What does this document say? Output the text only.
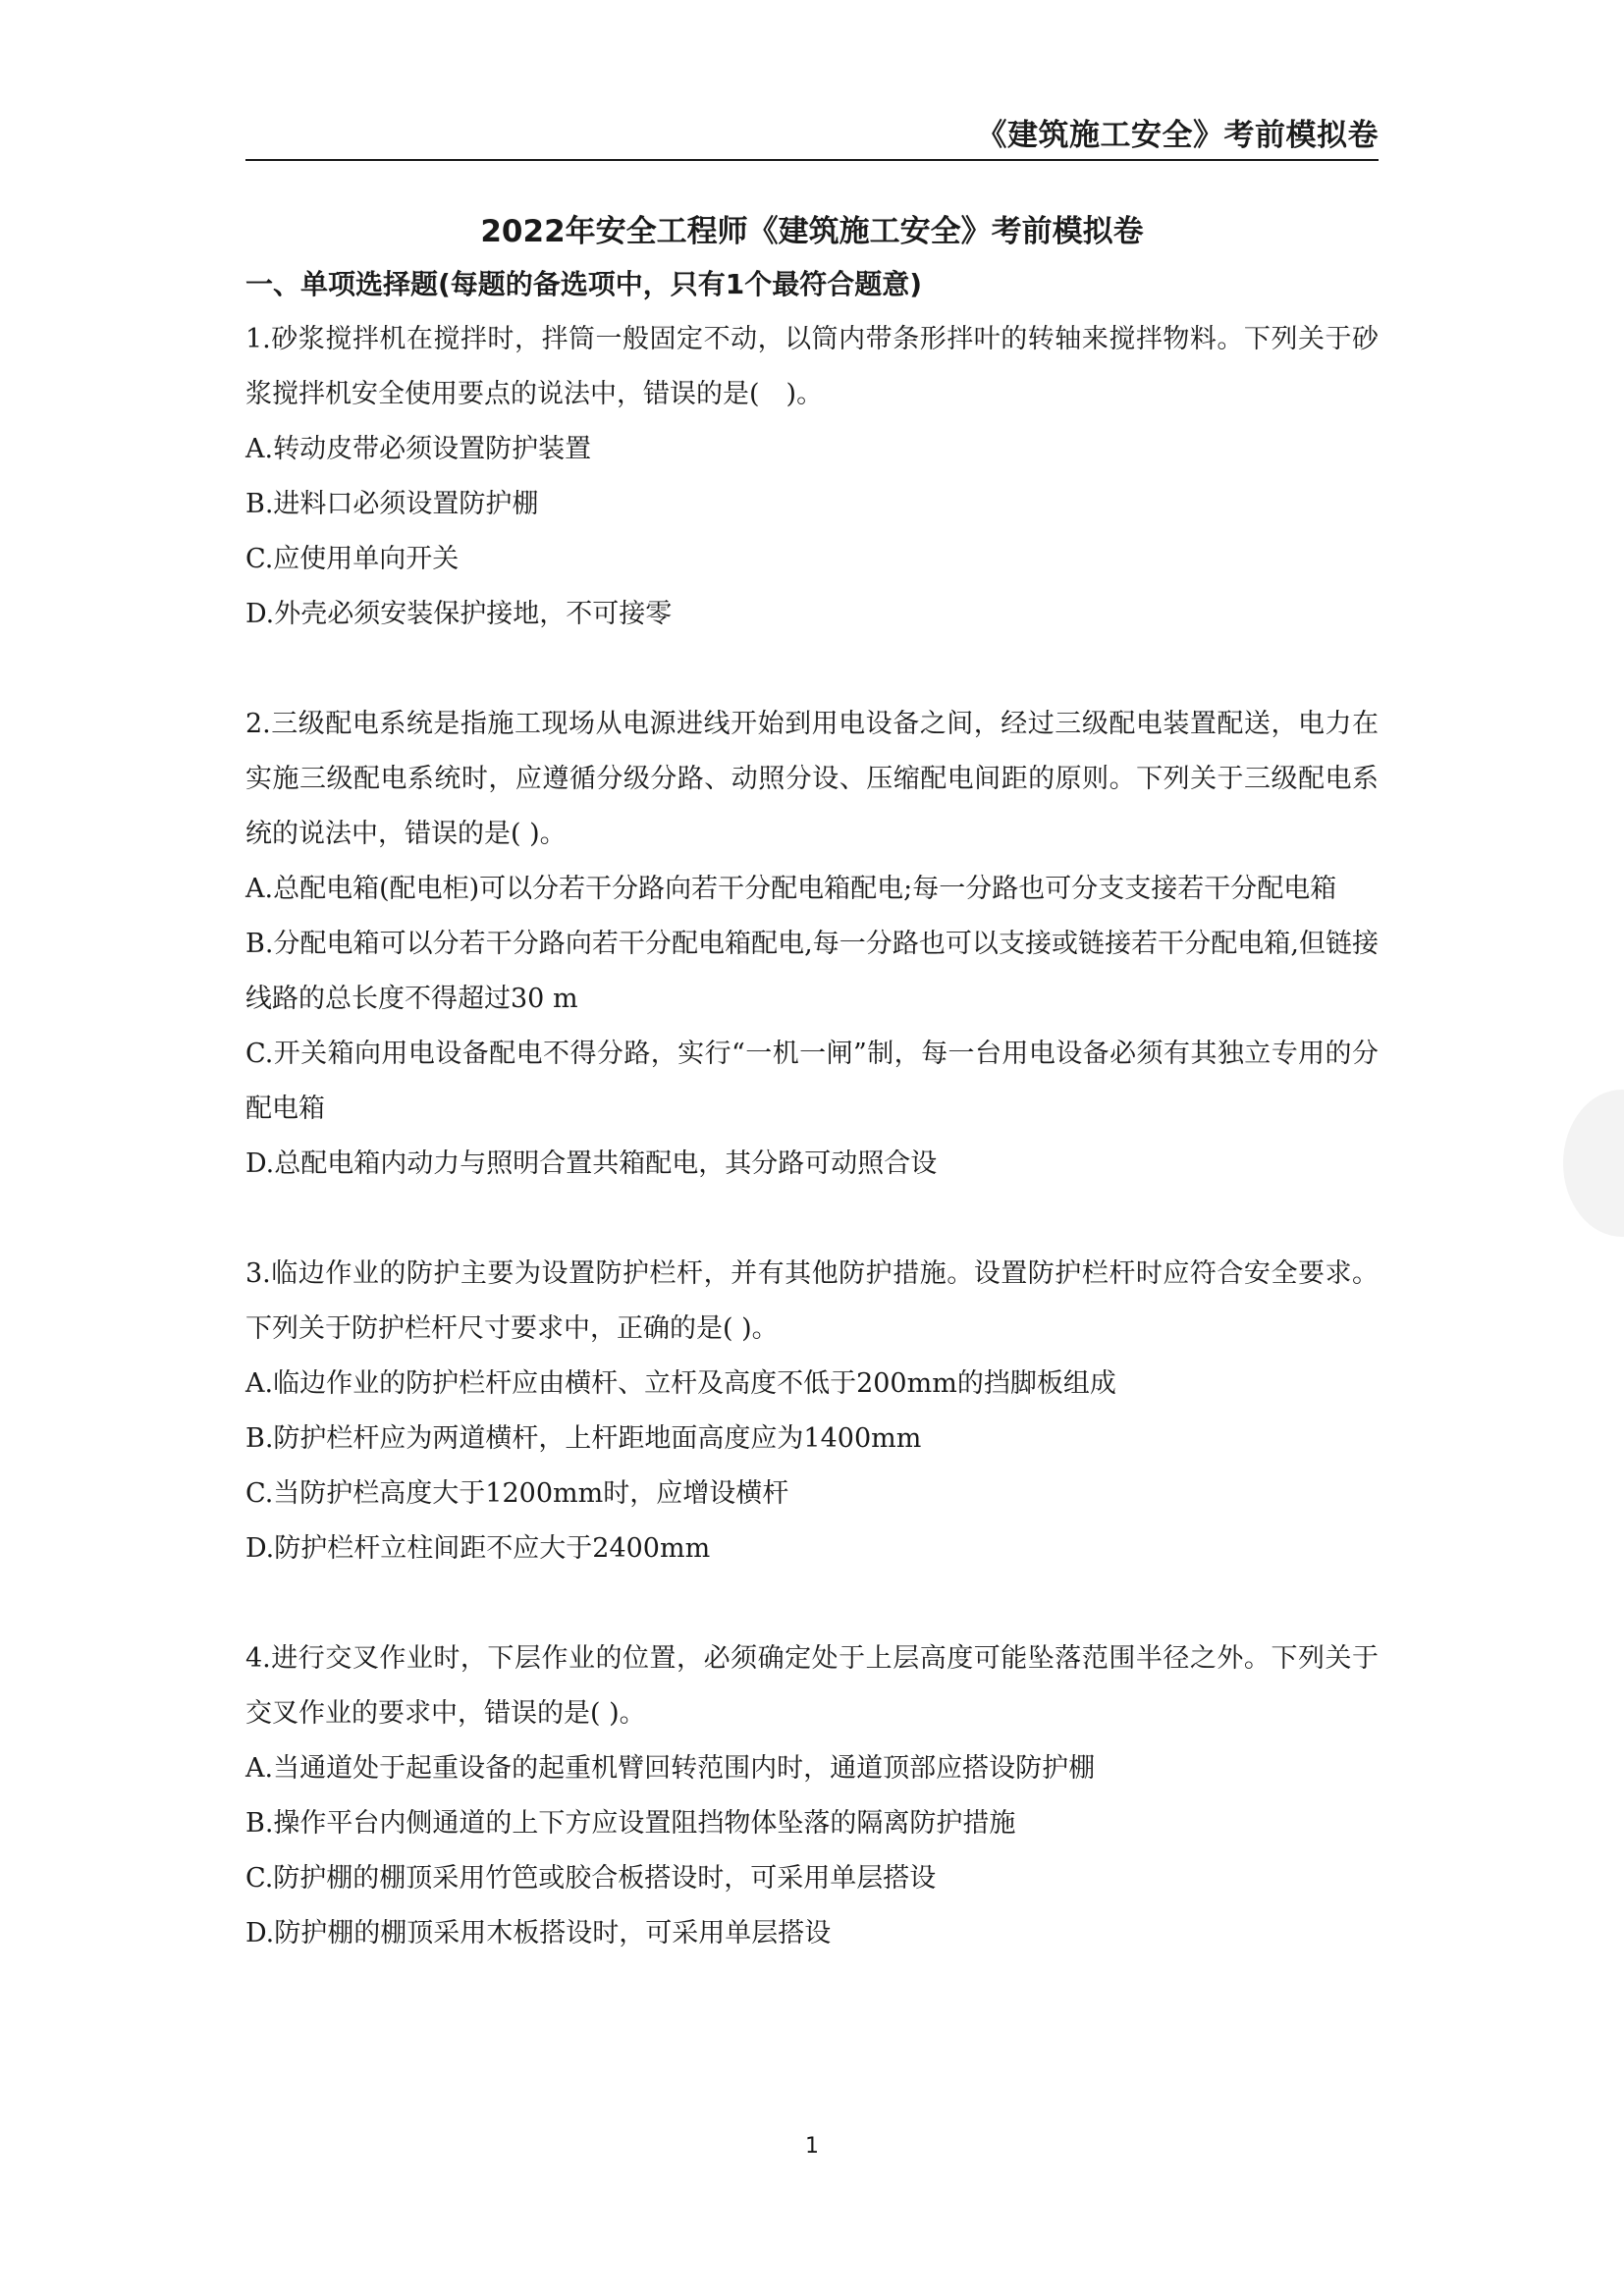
《建筑施工安全》考前模拟卷
2022年安全工程师《建筑施工安全》考前模拟卷
一、单项选择题(每题的备选项中，只有1个最符合题意)
1.砂浆搅拌机在搅拌时，拌筒一般固定不动，以筒内带条形拌叶的转轴来搅拌物料。下列关于砂浆搅拌机安全使用要点的说法中，错误的是(　)。
A.转动皮带必须设置防护装置
B.进料口必须设置防护棚
C.应使用单向开关
D.外壳必须安装保护接地，不可接零
2.三级配电系统是指施工现场从电源进线开始到用电设备之间，经过三级配电装置配送，电力在实施三级配电系统时，应遵循分级分路、动照分设、压缩配电间距的原则。下列关于三级配电系统的说法中，错误的是( )。
A.总配电箱(配电柜)可以分若干分路向若干分配电箱配电;每一分路也可分支支接若干分配电箱
B.分配电箱可以分若干分路向若干分配电箱配电,每一分路也可以支接或链接若干分配电箱,但链接线路的总长度不得超过30 m
C.开关箱向用电设备配电不得分路，实行“一机一闸”制，每一台用电设备必须有其独立专用的分配电箱
D.总配电箱内动力与照明合置共箱配电，其分路可动照合设
3.临边作业的防护主要为设置防护栏杆，并有其他防护措施。设置防护栏杆时应符合安全要求。下列关于防护栏杆尺寸要求中，正确的是( )。
A.临边作业的防护栏杆应由横杆、立杆及高度不低于200mm的挡脚板组成
B.防护栏杆应为两道横杆，上杆距地面高度应为1400mm
C.当防护栏高度大于1200mm时，应增设横杆
D.防护栏杆立柱间距不应大于2400mm
4.进行交叉作业时，下层作业的位置，必须确定处于上层高度可能坠落范围半径之外。下列关于交叉作业的要求中，错误的是( )。
A.当通道处于起重设备的起重机臂回转范围内时，通道顶部应搭设防护棚
B.操作平台内侧通道的上下方应设置阻挡物体坠落的隔离防护措施
C.防护棚的棚顶采用竹笆或胶合板搭设时，可采用单层搭设
D.防护棚的棚顶采用木板搭设时，可采用单层搭设
1
